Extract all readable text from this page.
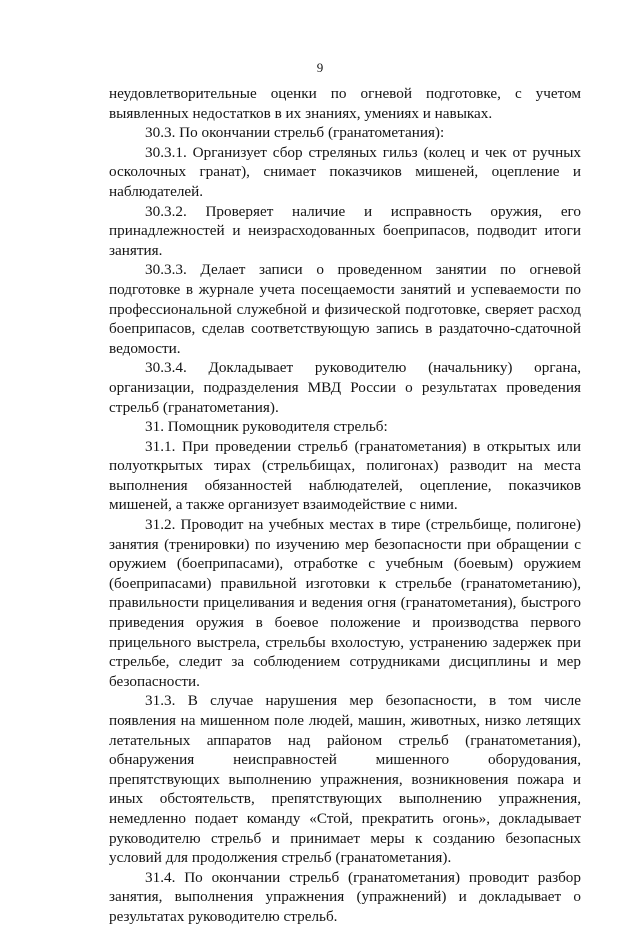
9

неудовлетворительные оценки по огневой подготовке, с учетом выявленных недостатков в их знаниях, умениях и навыках.

30.3. По окончании стрельб (гранатометания):

30.3.1. Организует сбор стреляных гильз (колец и чек от ручных осколочных гранат), снимает показчиков мишеней, оцепление и наблюдателей.

30.3.2. Проверяет наличие и исправность оружия, его принадлежностей и неизрасходованных боеприпасов, подводит итоги занятия.

30.3.3. Делает записи о проведенном занятии по огневой подготовке в журнале учета посещаемости занятий и успеваемости по профессиональной служебной и физической подготовке, сверяет расход боеприпасов, сделав соответствующую запись в раздаточно-сдаточной ведомости.

30.3.4. Докладывает руководителю (начальнику) органа, организации, подразделения МВД России о результатах проведения стрельб (гранатометания).

31. Помощник руководителя стрельб:

31.1. При проведении стрельб (гранатометания) в открытых или полуоткрытых тирах (стрельбищах, полигонах) разводит на места выполнения обязанностей наблюдателей, оцепление, показчиков мишеней, а также организует взаимодействие с ними.

31.2. Проводит на учебных местах в тире (стрельбище, полигоне) занятия (тренировки) по изучению мер безопасности при обращении с оружием (боеприпасами), отработке с учебным (боевым) оружием (боеприпасами) правильной изготовки к стрельбе (гранатометанию), правильности прицеливания и ведения огня (гранатометания), быстрого приведения оружия в боевое положение и производства первого прицельного выстрела, стрельбы вхолостую, устранению задержек при стрельбе, следит за соблюдением сотрудниками дисциплины и мер безопасности.

31.3. В случае нарушения мер безопасности, в том числе появления на мишенном поле людей, машин, животных, низко летящих летательных аппаратов над районом стрельб (гранатометания), обнаружения неисправностей мишенного оборудования, препятствующих выполнению упражнения, возникновения пожара и иных обстоятельств, препятствующих выполнению упражнения, немедленно подает команду «Стой, прекратить огонь», докладывает руководителю стрельб и принимает меры к созданию безопасных условий для продолжения стрельб (гранатометания).

31.4. По окончании стрельб (гранатометания) проводит разбор занятия, выполнения упражнения (упражнений) и докладывает о результатах руководителю стрельб.
